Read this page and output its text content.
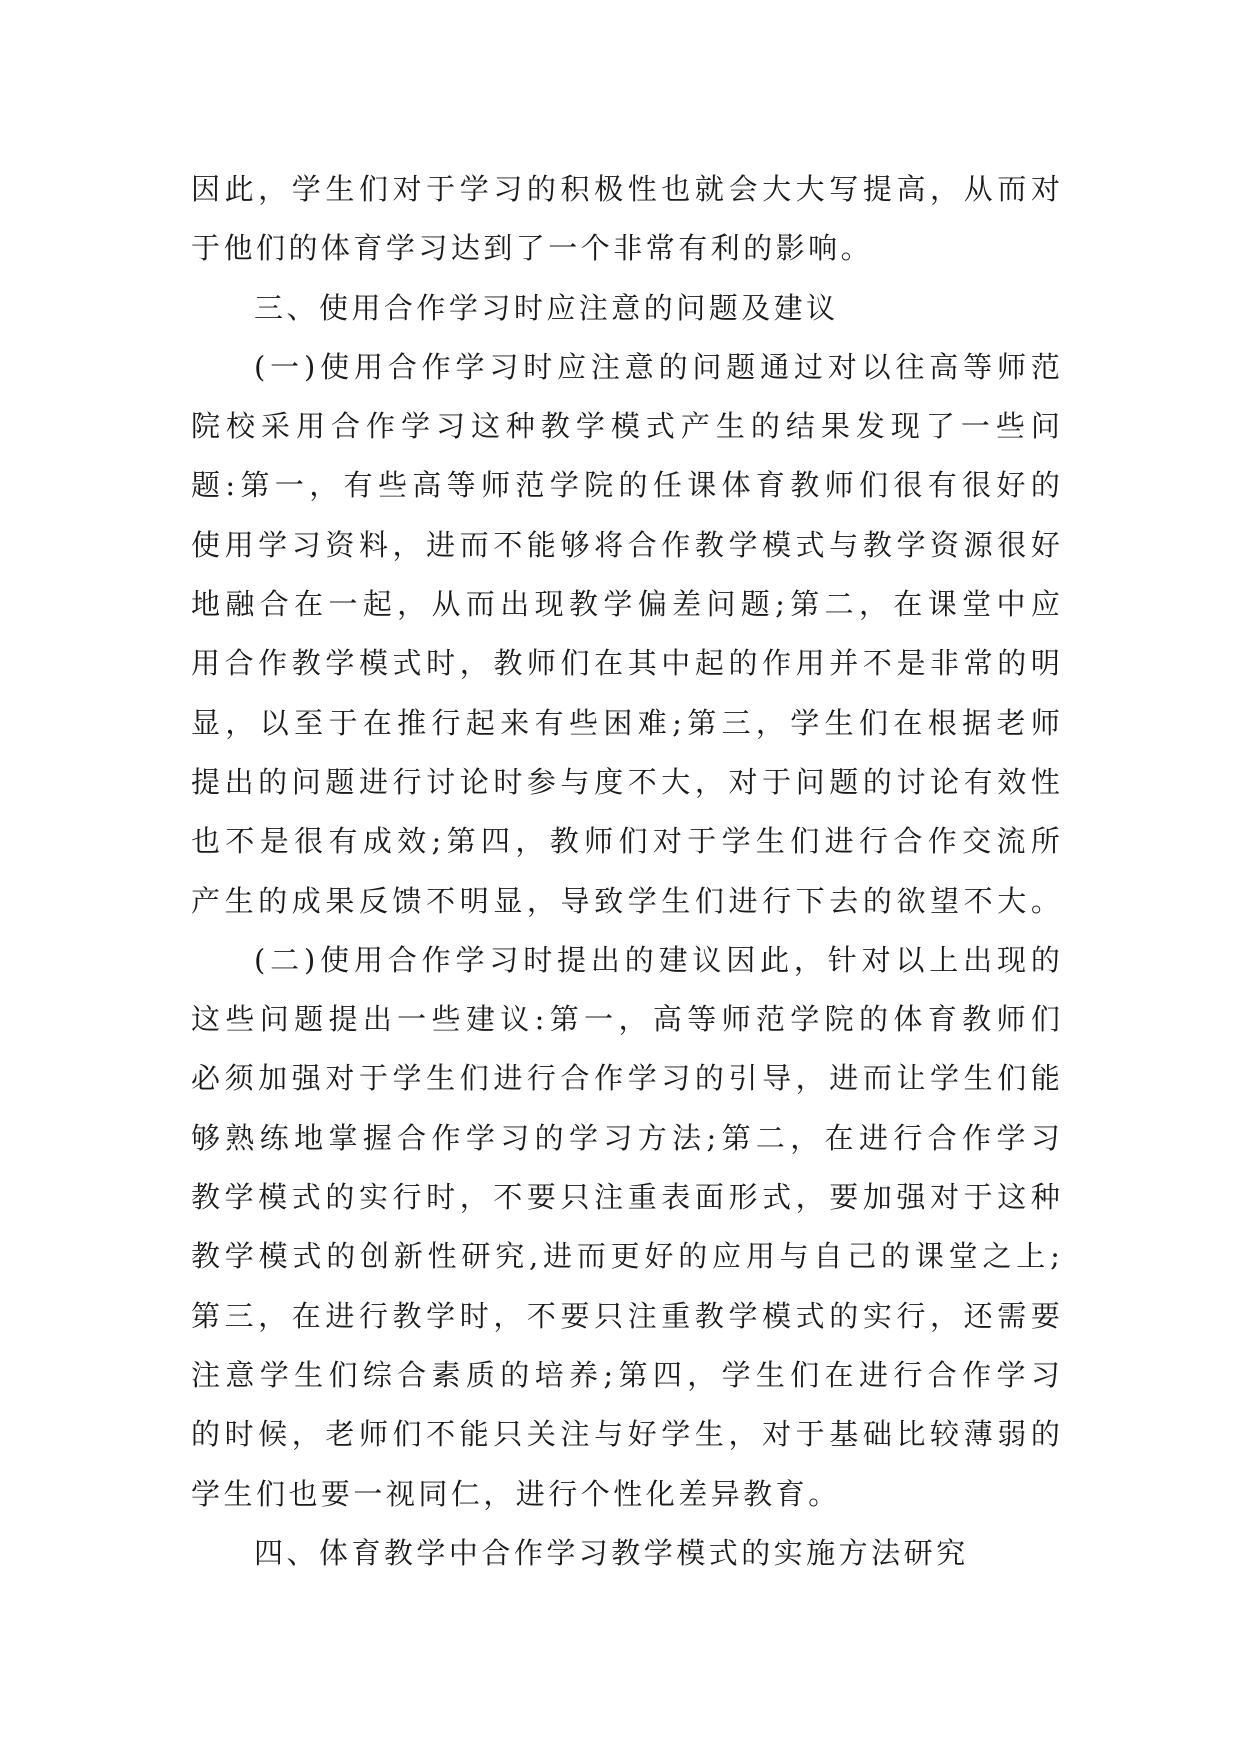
因此，学生们对于学习的积极性也就会大大写提高，从而对
于他们的体育学习达到了一个非常有利的影响。
三、使用合作学习时应注意的问题及建议
(一)使用合作学习时应注意的问题通过对以往高等师范
院校采用合作学习这种教学模式产生的结果发现了一些问
题:第一，有些高等师范学院的任课体育教师们很有很好的
使用学习资料，进而不能够将合作教学模式与教学资源很好
地融合在一起，从而出现教学偏差问题;第二，在课堂中应
用合作教学模式时，教师们在其中起的作用并不是非常的明
显，以至于在推行起来有些困难;第三，学生们在根据老师
提出的问题进行讨论时参与度不大，对于问题的讨论有效性
也不是很有成效;第四，教师们对于学生们进行合作交流所
产生的成果反馈不明显，导致学生们进行下去的欲望不大。
(二)使用合作学习时提出的建议因此，针对以上出现的
这些问题提出一些建议:第一，高等师范学院的体育教师们
必须加强对于学生们进行合作学习的引导，进而让学生们能
够熟练地掌握合作学习的学习方法;第二，在进行合作学习
教学模式的实行时，不要只注重表面形式，要加强对于这种
教学模式的创新性研究,进而更好的应用与自己的课堂之上;
第三，在进行教学时，不要只注重教学模式的实行，还需要
注意学生们综合素质的培养;第四，学生们在进行合作学习
的时候，老师们不能只关注与好学生，对于基础比较薄弱的
学生们也要一视同仁，进行个性化差异教育。
四、体育教学中合作学习教学模式的实施方法研究
